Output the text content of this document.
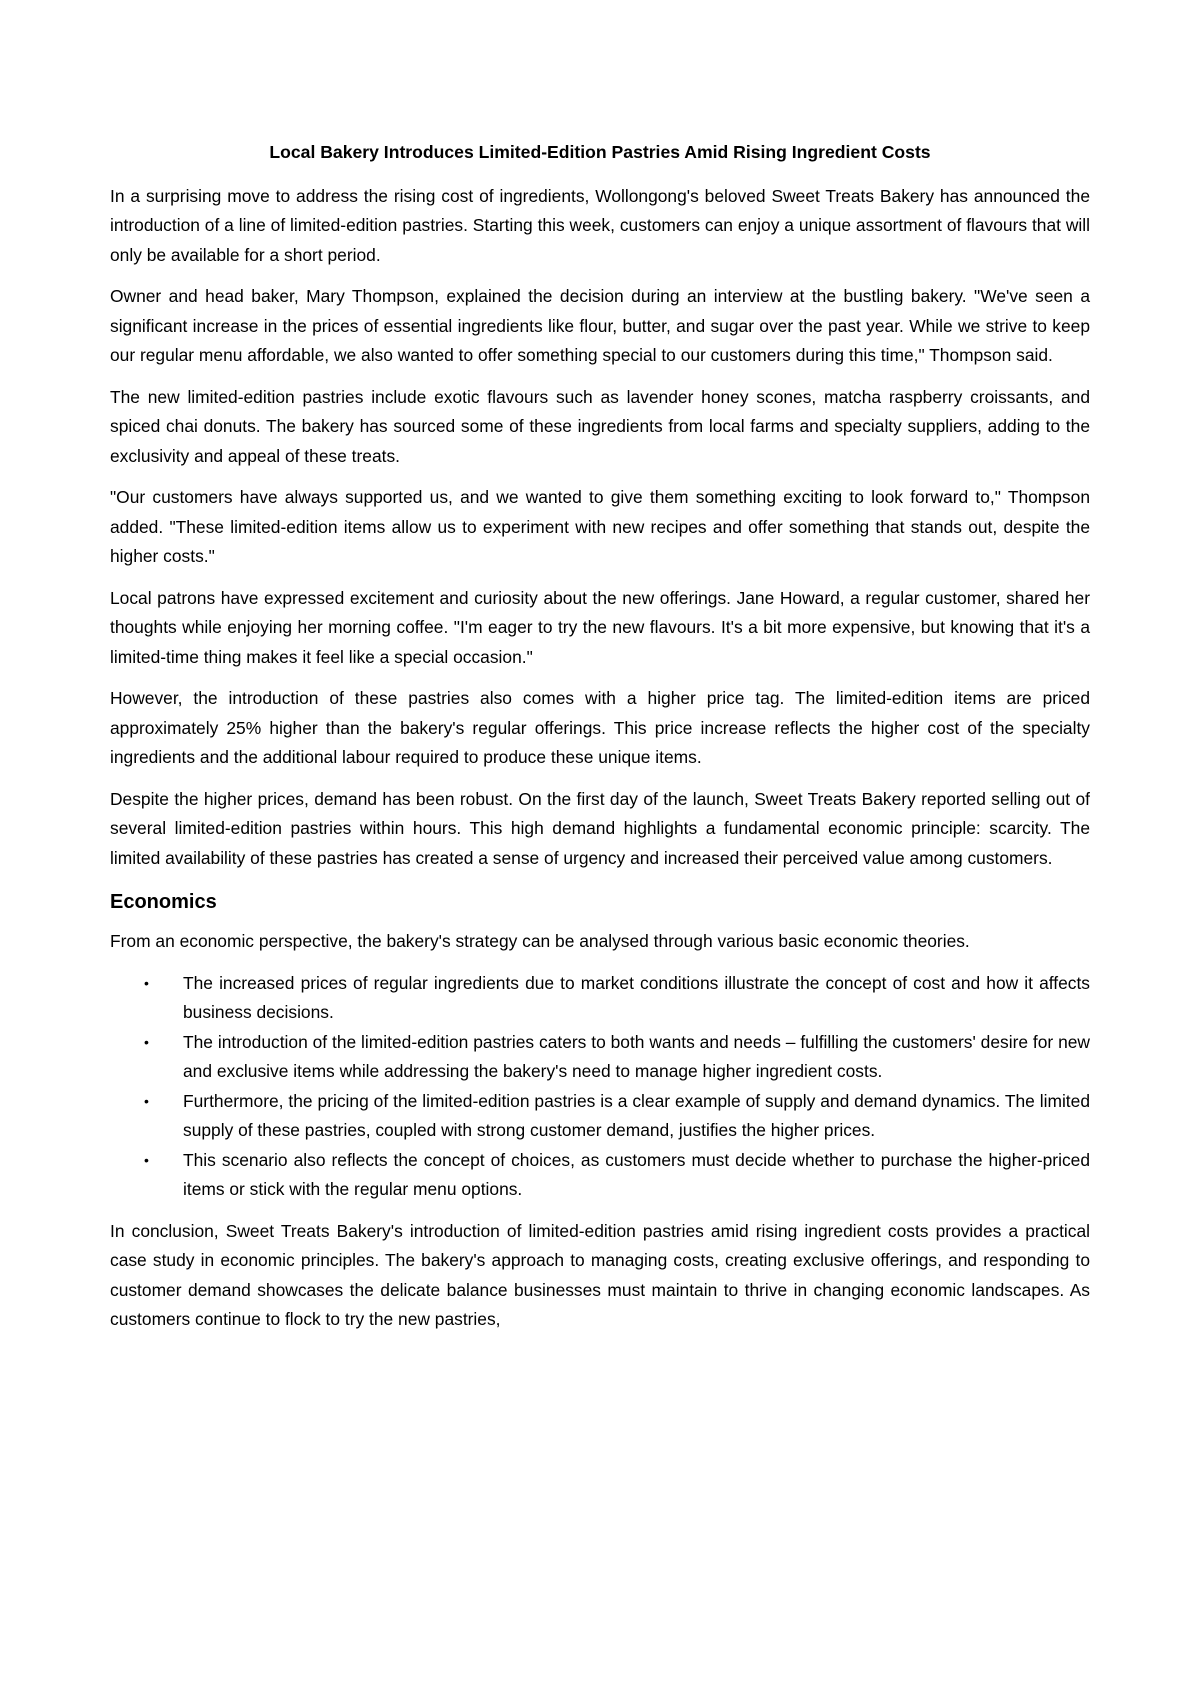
Local Bakery Introduces Limited-Edition Pastries Amid Rising Ingredient Costs

In a surprising move to address the rising cost of ingredients, Wollongong's beloved Sweet Treats Bakery has announced the introduction of a line of limited-edition pastries. Starting this week, customers can enjoy a unique assortment of flavours that will only be available for a short period.

Owner and head baker, Mary Thompson, explained the decision during an interview at the bustling bakery. "We've seen a significant increase in the prices of essential ingredients like flour, butter, and sugar over the past year. While we strive to keep our regular menu affordable, we also wanted to offer something special to our customers during this time," Thompson said.

The new limited-edition pastries include exotic flavours such as lavender honey scones, matcha raspberry croissants, and spiced chai donuts. The bakery has sourced some of these ingredients from local farms and specialty suppliers, adding to the exclusivity and appeal of these treats.

"Our customers have always supported us, and we wanted to give them something exciting to look forward to," Thompson added. "These limited-edition items allow us to experiment with new recipes and offer something that stands out, despite the higher costs."

Local patrons have expressed excitement and curiosity about the new offerings. Jane Howard, a regular customer, shared her thoughts while enjoying her morning coffee. "I'm eager to try the new flavours. It's a bit more expensive, but knowing that it's a limited-time thing makes it feel like a special occasion."

However, the introduction of these pastries also comes with a higher price tag. The limited-edition items are priced approximately 25% higher than the bakery's regular offerings. This price increase reflects the higher cost of the specialty ingredients and the additional labour required to produce these unique items.

Despite the higher prices, demand has been robust. On the first day of the launch, Sweet Treats Bakery reported selling out of several limited-edition pastries within hours. This high demand highlights a fundamental economic principle: scarcity. The limited availability of these pastries has created a sense of urgency and increased their perceived value among customers.

Economics

From an economic perspective, the bakery's strategy can be analysed through various basic economic theories.

• The increased prices of regular ingredients due to market conditions illustrate the concept of cost and how it affects business decisions.
• The introduction of the limited-edition pastries caters to both wants and needs – fulfilling the customers' desire for new and exclusive items while addressing the bakery's need to manage higher ingredient costs.
• Furthermore, the pricing of the limited-edition pastries is a clear example of supply and demand dynamics. The limited supply of these pastries, coupled with strong customer demand, justifies the higher prices.
• This scenario also reflects the concept of choices, as customers must decide whether to purchase the higher-priced items or stick with the regular menu options.

In conclusion, Sweet Treats Bakery's introduction of limited-edition pastries amid rising ingredient costs provides a practical case study in economic principles. The bakery's approach to managing costs, creating exclusive offerings, and responding to customer demand showcases the delicate balance businesses must maintain to thrive in changing economic landscapes. As customers continue to flock to try the new pastries,
